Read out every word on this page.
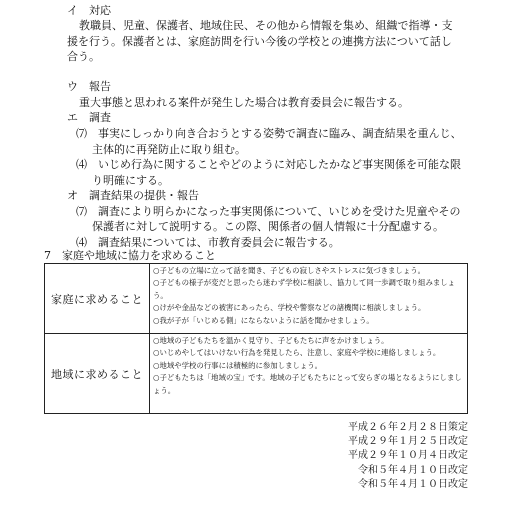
イ　対応
教職員、児童、保護者、地域住民、その他から情報を集め、組織で指導・支
援を行う。保護者とは、家庭訪問を行い今後の学校との連携方法について話し
合う。
ウ　報告
重大事態と思われる案件が発生した場合は教育委員会に報告する。
エ　調査
⑺　事実にしっかり向き合おうとする姿勢で調査に臨み、調査結果を重んじ、
主体的に再発防止に取り組む。
⑷　いじめ行為に関することやどのように対応したかなど事実関係を可能な限
り明確にする。
オ　調査結果の提供・報告
⑺　調査により明らかになった事実関係について、いじめを受けた児童やその
保護者に対して説明する。この際、関係者の個人情報に十分配慮する。
⑷　調査結果については、市教育委員会に報告する。
7　家庭や地域に協力を求めること
家庭に求めること	○子どもの立場に立って話を聞き、子どもの寂しさやストレスに気づきましょう。
○子どもの様子が変だと思ったら迷わず学校に相談し、協力して同一歩調で取り組みましょう。
○けがや金品などの被害にあったら、学校や警察などの諸機関に相談しましょう。
○我が子が「いじめる側」にならないように話を聞かせましょう。

地域に求めること	○地域の子どもたちを温かく見守り、子どもたちに声をかけましょう。
○いじめやしてはいけない行為を発見したら、注意し、家庭や学校に連絡しましょう。
○地域や学校の行事には積極的に参加しましょう。
○子どもたちは「地域の宝」です。地域の子どもたちにとって安らぎの場となるようにしましょう。
平成２６年２月２８日策定
平成２９年１月２５日改定
平成２９年１０月４日改定
令和５年４月１０日改定
令和５年４月１０日改定
